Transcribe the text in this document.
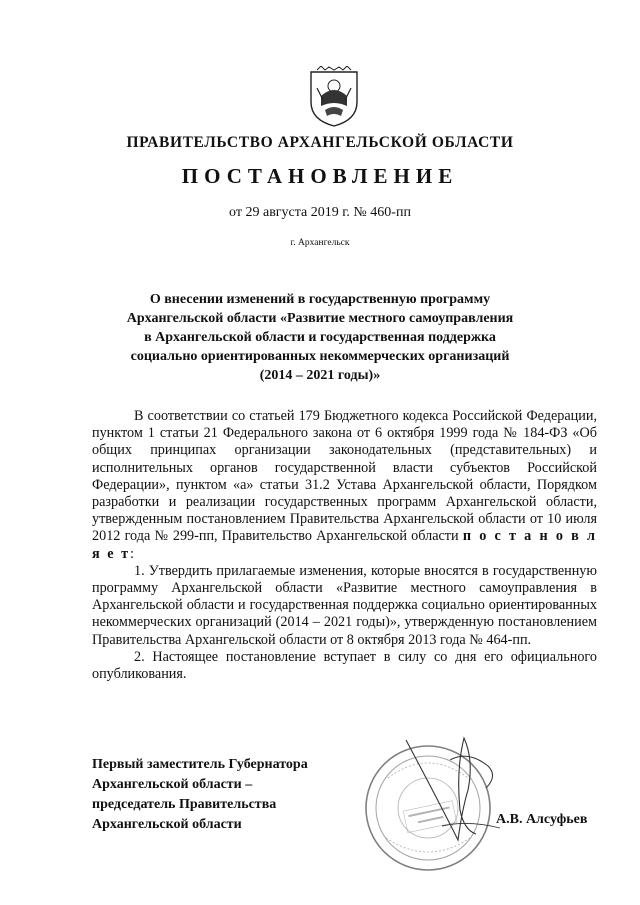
ПРАВИТЕЛЬСТВО АРХАНГЕЛЬСКОЙ ОБЛАСТИ
ПОСТАНОВЛЕНИЕ
от 29 августа 2019 г. № 460-пп
г. Архангельск
О внесении изменений в государственную программу
Архангельской области «Развитие местного самоуправления
в Архангельской области и государственная поддержка
социально ориентированных некоммерческих организаций
(2014 – 2021 годы)»

В соответствии со статьей 179 Бюджетного кодекса Российской Федерации, пунктом 1 статьи 21 Федерального закона от 6 октября 1999 года № 184-ФЗ «Об общих принципах организации законодательных (представительных) и исполнительных органов государственной власти субъектов Российской Федерации», пунктом «а» статьи 31.2 Устава Архангельской области, Порядком разработки и реализации государственных программ Архангельской области, утвержденным постановлением Правительства Архангельской области от 10 июля 2012 года № 299-пп, Правительство Архангельской области п о с т а н о в л я е т:

1. Утвердить прилагаемые изменения, которые вносятся в государственную программу Архангельской области «Развитие местного самоуправления в Архангельской области и государственная поддержка социально ориентированных некоммерческих организаций (2014 – 2021 годы)», утвержденную постановлением Правительства Архангельской области от 8 октября 2013 года № 464-пп.

2. Настоящее постановление вступает в силу со дня его официального опубликования.

Первый заместитель Губернатора
Архангельской области –
председатель Правительства
Архангельской области	А.В. Алсуфьев
